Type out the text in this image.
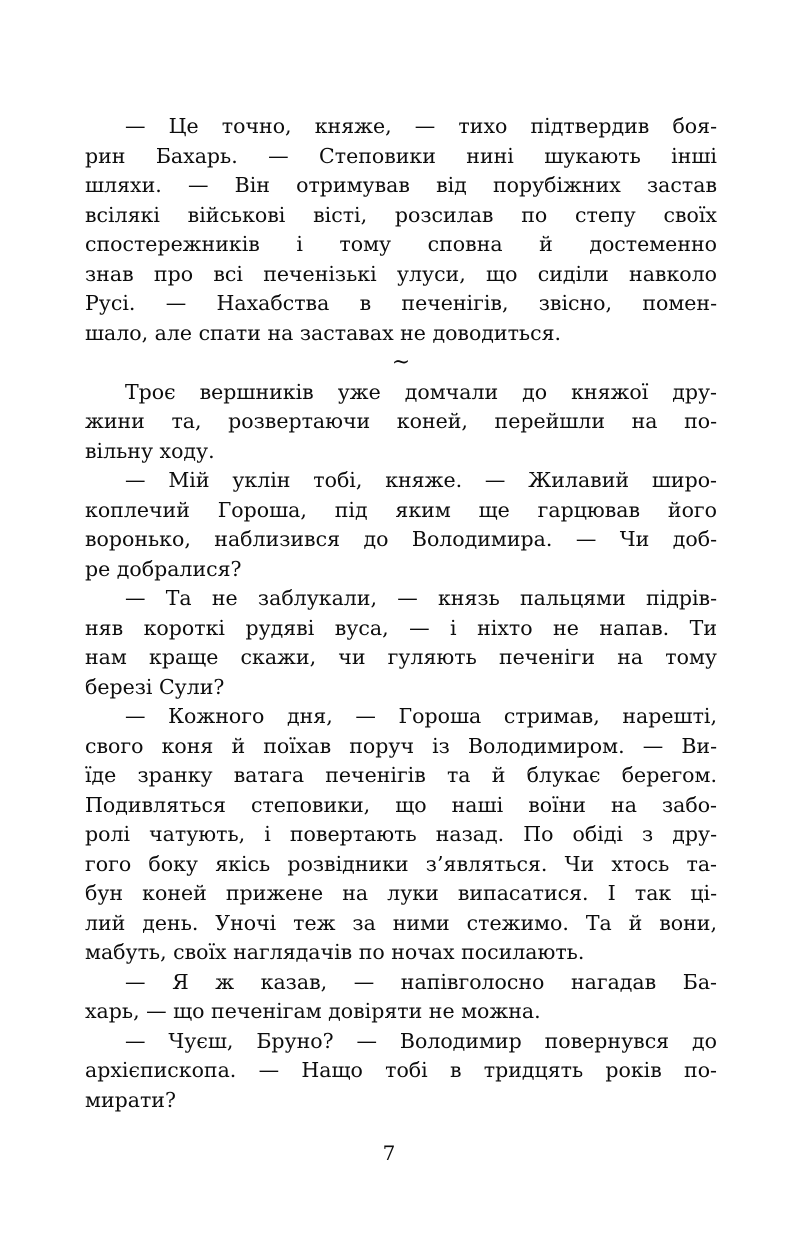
— Це точно, княже, — тихо підтвердив боя-
рин Бахарь. — Степовики нині шукають інші
шляхи. — Він отримував від порубіжних застав
всілякі військові вісті, розсилав по степу своїх
спостережників і тому сповна й достеменно
знав про всі печенізькі улуси, що сиділи навколо
Русі. — Нахабства в печенігів, звісно, помен-
шало, але спати на заставах не доводиться.
~
Троє вершників уже домчали до княжої дру-
жини та, розвертаючи коней, перейшли на по-
вільну ходу.
— Мій уклін тобі, княже. — Жилавий широ-
коплечий Гороша, під яким ще гарцював його
воронько, наблизився до Володимира. — Чи доб-
ре добралися?
— Та не заблукали, — князь пальцями підрів-
няв короткі рудяві вуса, — і ніхто не напав. Ти
нам краще скажи, чи гуляють печеніги на тому
березі Сули?
— Кожного дня, — Гороша стримав, нарешті,
свого коня й поїхав поруч із Володимиром. — Ви-
їде зранку ватага печенігів та й блукає берегом.
Подивляться степовики, що наші воїни на забо-
ролі чатують, і повертають назад. По обіді з дру-
гого боку якісь розвідники з’являться. Чи хтось та-
бун коней прижене на луки випасатися. І так ці-
лий день. Уночі теж за ними стежимо. Та й вони,
мабуть, своїх наглядачів по ночах посилають.
— Я ж казав, — напівголосно нагадав Ба-
харь, — що печенігам довіряти не можна.
— Чуєш, Бруно? — Володимир повернувся до
архієпископа. — Нащо тобі в тридцять років по-
мирати?
7
